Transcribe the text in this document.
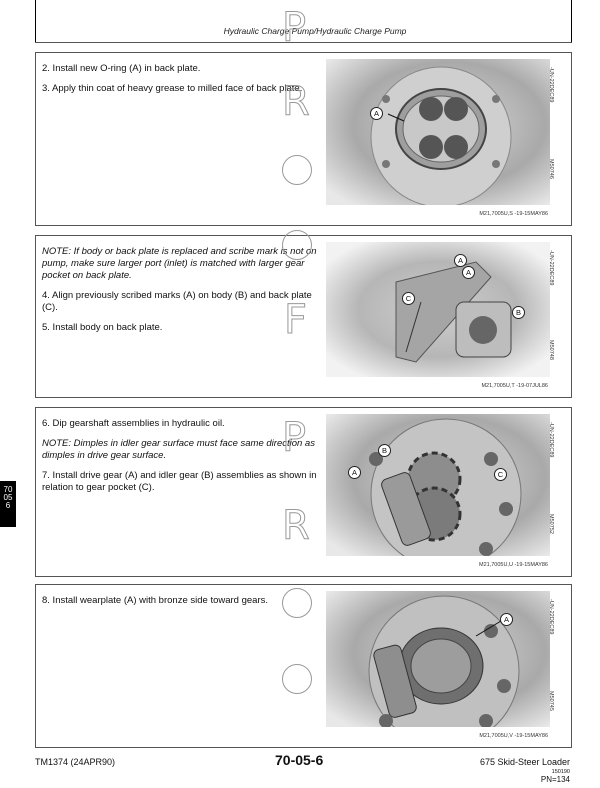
Hydraulic Charge Pump/Hydraulic Charge Pump

2. Install new O-ring (A) in back plate.

3. Apply thin coat of heavy grease to milled face of back plate.

A
-UN-22DEC89
M50746
M21,7005U,S -19-15MAY86

NOTE: If body or back plate is replaced and scribe mark is not on pump, make sure larger port (inlet) is matched with larger gear pocket on back plate.

4. Align previously scribed marks (A) on body (B) and back plate (C).

5. Install body on back plate.

A
A
C
B
-UN-22DEC89
M50748
M21,7005U,T -19-07JUL86

6. Dip gearshaft assemblies in hydraulic oil.

NOTE: Dimples in idler gear surface must face same direction as dimples in drive gear surface.

7. Install drive gear (A) and idler gear (B) assemblies as shown in relation to gear pocket (C).

B
A	C
-UN-22DEC89
M50752
M21,7005U,U -19-15MAY86

8. Install wearplate (A) with bronze side toward gears.

A	-UN-22DEC89
M50745
M21,7005U,V -19-15MAY86
P
R
F
P
R
70
05
6
TM1374 (24APR90)	70-05-6	675 Skid-Steer Loader
150190
PN=134
